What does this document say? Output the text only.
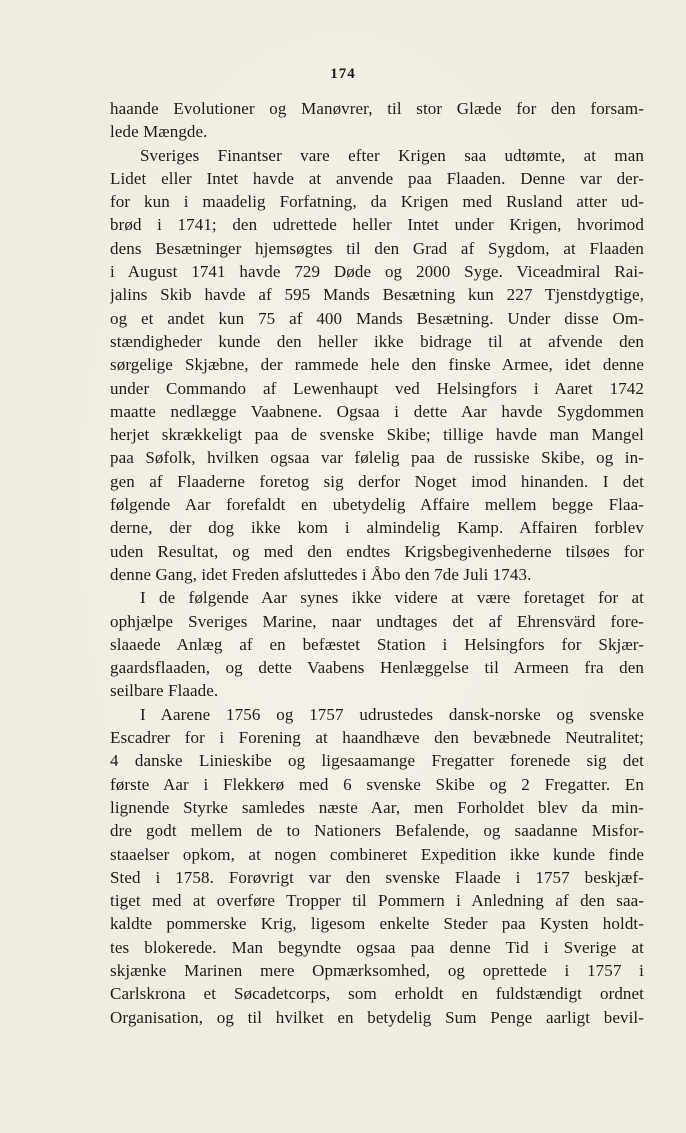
174
haande Evolutioner og Manøvrer, til stor Glæde for den forsam-
lede Mængde.
Sveriges Finantser vare efter Krigen saa udtømte, at man
Lidet eller Intet havde at anvende paa Flaaden. Denne var der-
for kun i maadelig Forfatning, da Krigen med Rusland atter ud-
brød i 1741; den udrettede heller Intet under Krigen, hvorimod
dens Besætninger hjemsøgtes til den Grad af Sygdom, at Flaaden
i August 1741 havde 729 Døde og 2000 Syge. Viceadmiral Rai-
jalins Skib havde af 595 Mands Besætning kun 227 Tjenstdygtige,
og et andet kun 75 af 400 Mands Besætning. Under disse Om-
stændigheder kunde den heller ikke bidrage til at afvende den
sørgelige Skjæbne, der rammede hele den finske Armee, idet denne
under Commando af Lewenhaupt ved Helsingfors i Aaret 1742
maatte nedlægge Vaabnene. Ogsaa i dette Aar havde Sygdommen
herjet skrækkeligt paa de svenske Skibe; tillige havde man Mangel
paa Søfolk, hvilken ogsaa var følelig paa de russiske Skibe, og in-
gen af Flaaderne foretog sig derfor Noget imod hinanden. I det
følgende Aar forefaldt en ubetydelig Affaire mellem begge Flaa-
derne, der dog ikke kom i almindelig Kamp. Affairen forblev
uden Resultat, og med den endtes Krigsbegivenhederne tilsøes for
denne Gang, idet Freden afsluttedes i Åbo den 7de Juli 1743.
I de følgende Aar synes ikke videre at være foretaget for at
ophjælpe Sveriges Marine, naar undtages det af Ehrensvärd fore-
slaaede Anlæg af en befæstet Station i Helsingfors for Skjær-
gaardsflaaden, og dette Vaabens Henlæggelse til Armeen fra den
seilbare Flaade.
I Aarene 1756 og 1757 udrustedes dansk-norske og svenske
Escadrer for i Forening at haandhæve den bevæbnede Neutralitet;
4 danske Linieskibe og ligesaamange Fregatter forenede sig det
første Aar i Flekkerø med 6 svenske Skibe og 2 Fregatter. En
lignende Styrke samledes næste Aar, men Forholdet blev da min-
dre godt mellem de to Nationers Befalende, og saadanne Misfor-
staaelser opkom, at nogen combineret Expedition ikke kunde finde
Sted i 1758. Forøvrigt var den svenske Flaade i 1757 beskjæf-
tiget med at overføre Tropper til Pommern i Anledning af den saa-
kaldte pommerske Krig, ligesom enkelte Steder paa Kysten holdt-
tes blokerede. Man begyndte ogsaa paa denne Tid i Sverige at
skjænke Marinen mere Opmærksomhed, og oprettede i 1757 i
Carlskrona et Søcadetcorps, som erholdt en fuldstændigt ordnet
Organisation, og til hvilket en betydelig Sum Penge aarligt bevil-
